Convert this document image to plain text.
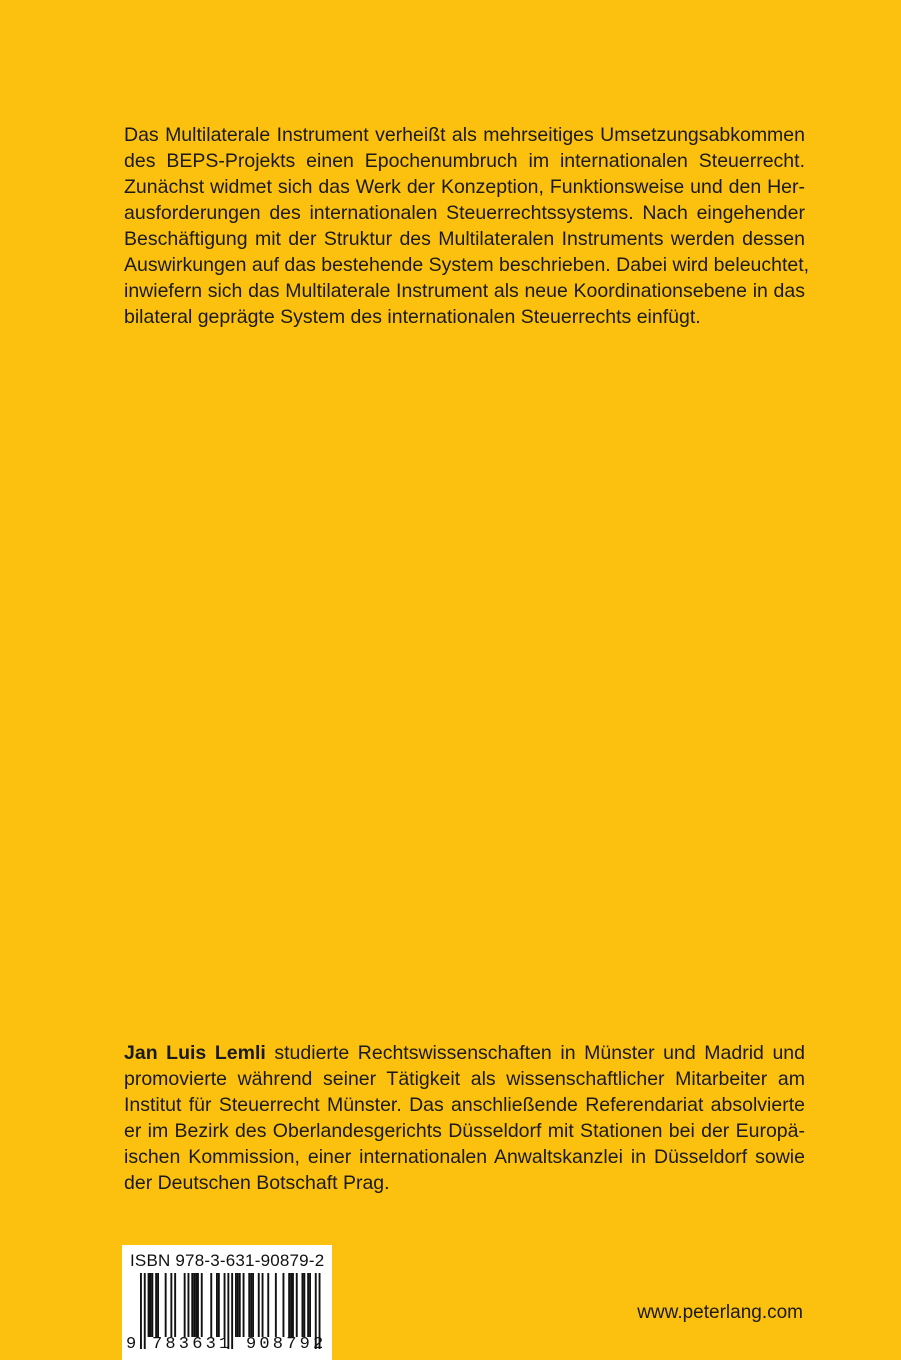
Das Multilaterale Instrument verheißt als mehrseitiges Umsetzungsabkommen
des BEPS-Projekts einen Epochenumbruch im internationalen Steuerrecht.
Zunächst widmet sich das Werk der Konzeption, Funktionsweise und den Her-
ausforderungen des internationalen Steuerrechtssystems. Nach eingehender
Beschäftigung mit der Struktur des Multilateralen Instruments werden dessen
Auswirkungen auf das bestehende System beschrieben. Dabei wird beleuchtet,
inwiefern sich das Multilaterale Instrument als neue Koordinationsebene in das
bilateral geprägte System des internationalen Steuerrechts einfügt.
Jan Luis Lemli studierte Rechtswissenschaften in Münster und Madrid und
promovierte während seiner Tätigkeit als wissenschaftlicher Mitarbeiter am
Institut für Steuerrecht Münster. Das anschließende Referendariat absolvierte
er im Bezirk des Oberlandesgerichts Düsseldorf mit Stationen bei der Europä-
ischen Kommission, einer internationalen Anwaltskanzlei in Düsseldorf sowie
der Deutschen Botschaft Prag.
ISBN 978-3-631-90879-2
9 783631 908792
www.peterlang.com
